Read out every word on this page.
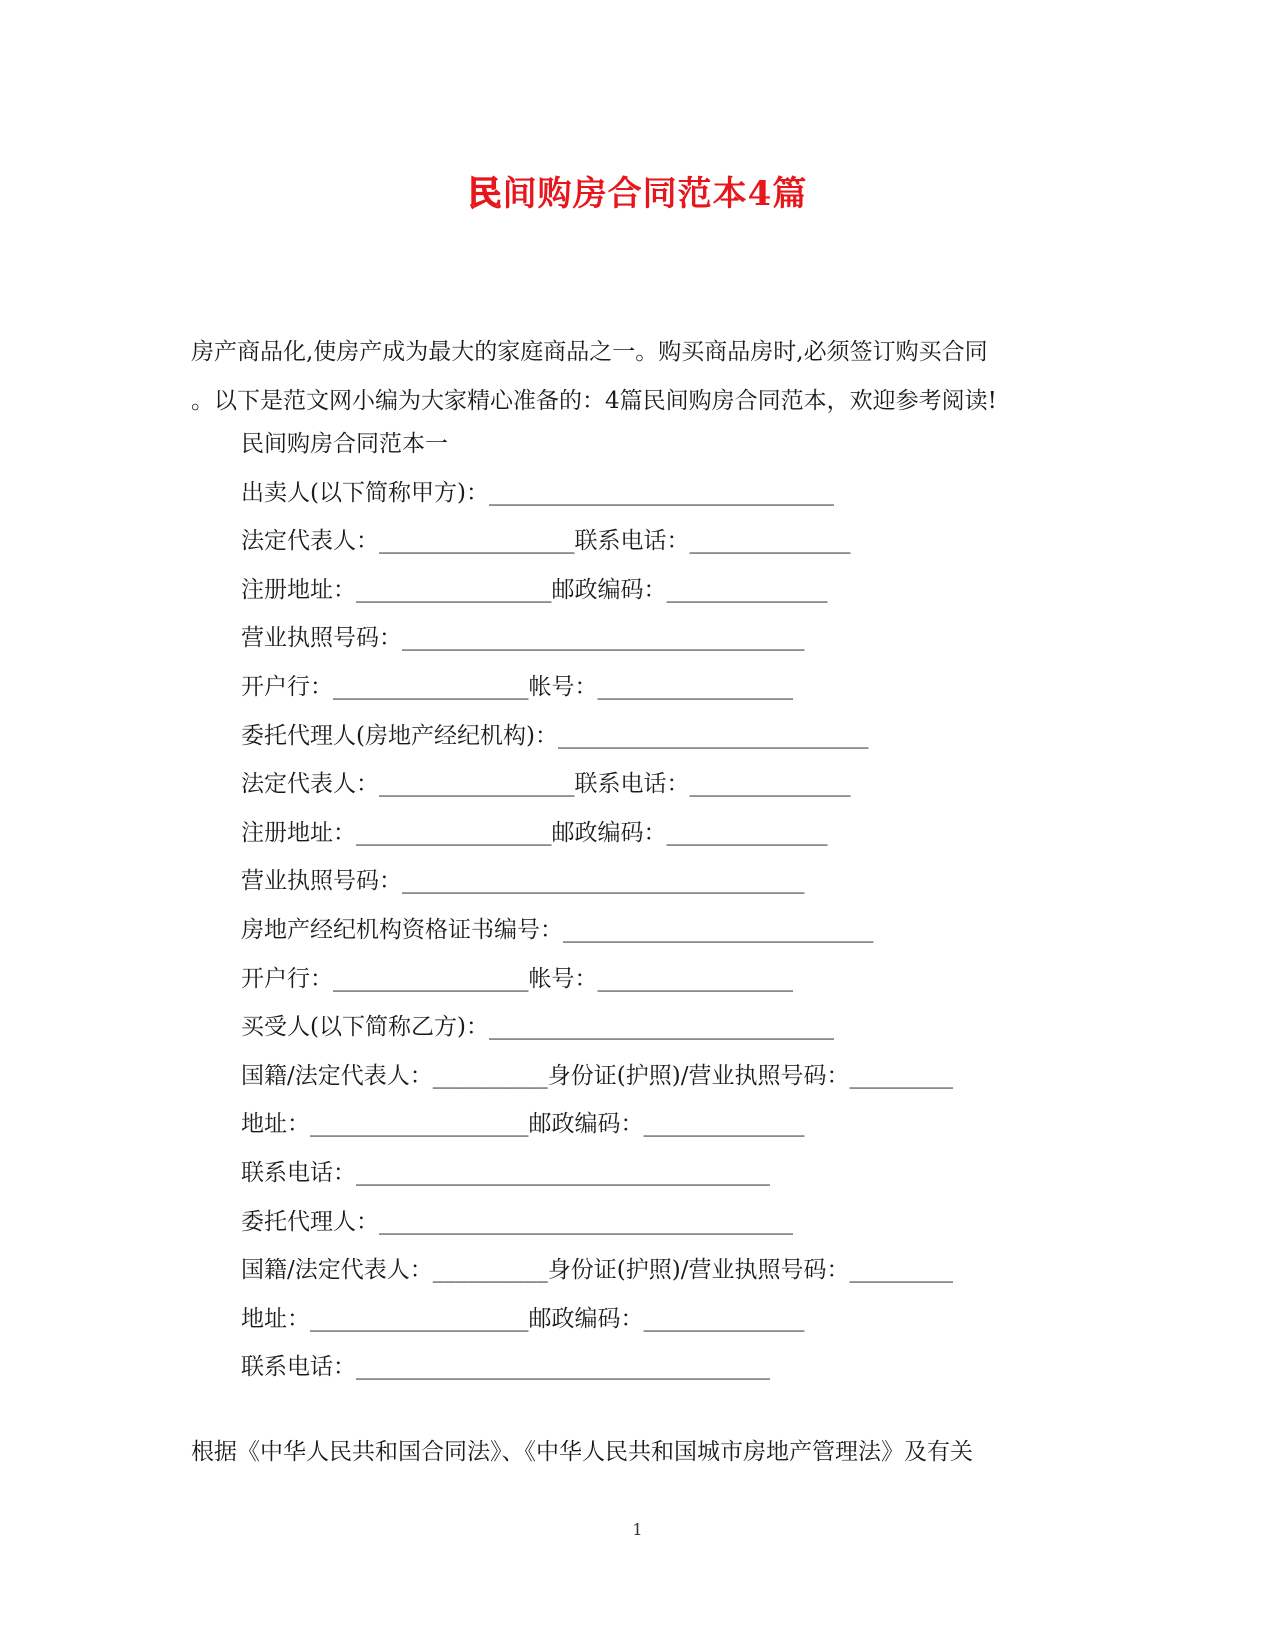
民间购房合同范本4篇
房产商品化,使房产成为最大的家庭商品之一。购买商品房时,必须签订购买合同
。以下是范文网小编为大家精心准备的：4篇民间购房合同范本，欢迎参考阅读!
民间购房合同范本一
出卖人(以下简称甲方)：______________________________
法定代表人：_________________联系电话：______________
注册地址：_________________邮政编码：______________
营业执照号码：___________________________________
开户行：_________________帐号：_________________
委托代理人(房地产经纪机构)：___________________________
法定代表人：_________________联系电话：______________
注册地址：_________________邮政编码：______________
营业执照号码：___________________________________
房地产经纪机构资格证书编号：___________________________
开户行：_________________帐号：_________________
买受人(以下简称乙方)：______________________________
国籍/法定代表人：__________身份证(护照)/营业执照号码：_________
地址：___________________邮政编码：______________
联系电话：____________________________________
委托代理人：____________________________________
国籍/法定代表人：__________身份证(护照)/营业执照号码：_________
地址：___________________邮政编码：______________
联系电话：____________________________________
根据《中华人民共和国合同法》、《中华人民共和国城市房地产管理法》及有关
1
